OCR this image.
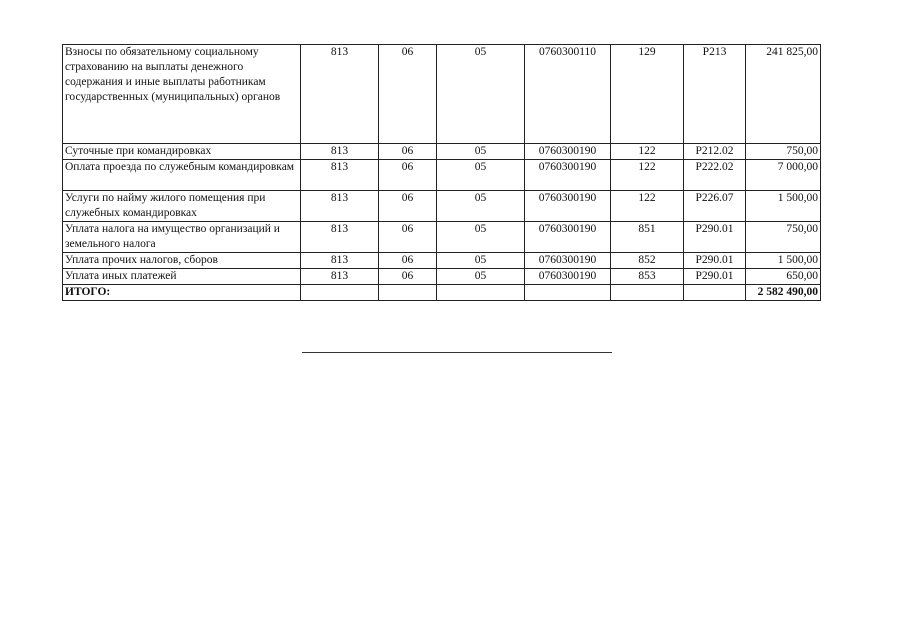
Взносы по обязательному социальному страхованию на выплаты денежного содержания и иные выплаты работникам государственных (муниципальных) органов	813	06	05	0760300110	129	P213	241 825,00
Суточные при командировках	813	06	05	0760300190	122	P212.02	750,00
Оплата проезда по служебным командировкам	813	06	05	0760300190	122	P222.02	7 000,00
Услуги по найму жилого помещения при служебных командировках	813	06	05	0760300190	122	P226.07	1 500,00
Уплата налога на имущество организаций и земельного налога	813	06	05	0760300190	851	P290.01	750,00
Уплата прочих налогов, сборов	813	06	05	0760300190	852	P290.01	1 500,00
Уплата иных платежей	813	06	05	0760300190	853	P290.01	650,00
ИТОГО:							2 582 490,00
